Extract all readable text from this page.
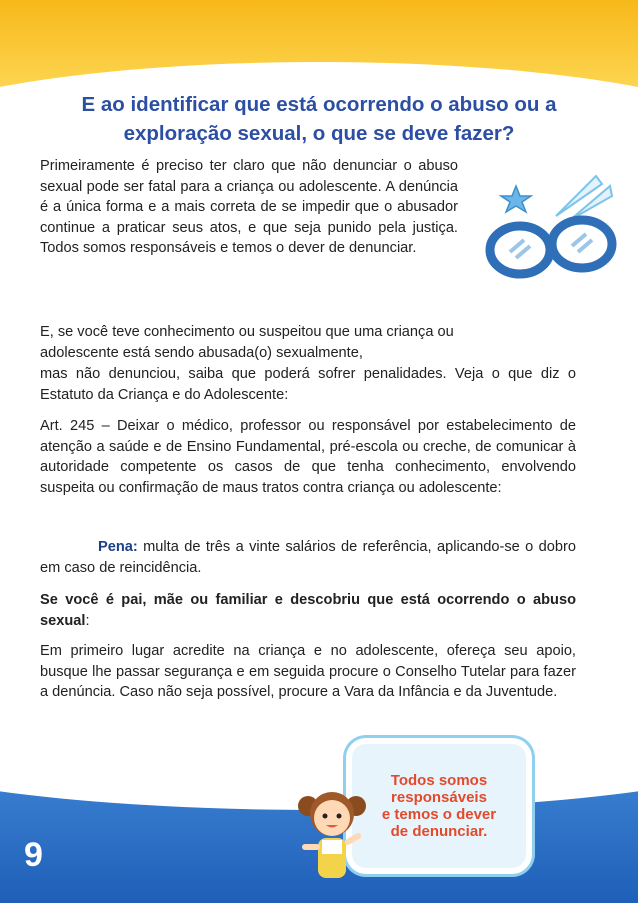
E ao identificar que está ocorrendo o abuso ou a
exploração sexual, o que se deve fazer?
Primeiramente é preciso ter claro que não denunciar o abuso sexual pode ser fatal para a criança ou adolescente. A denúncia é a única forma e a mais correta de se impedir que o abusador continue a praticar seus atos, e que seja punido pela justiça. Todos somos responsáveis e temos o dever de denunciar.
E, se você teve conhecimento ou suspeitou que uma criança ou adolescente está sendo abusada(o) sexualmente,
mas não denunciou, saiba que poderá sofrer penalidades. Veja o que diz o Estatuto da Criança e do Adolescente:
Art. 245 – Deixar o médico, professor ou responsável por estabelecimento de atenção a saúde e de Ensino Fundamental, pré-escola ou creche, de comunicar à autoridade competente os casos de que tenha conhecimento, envolvendo suspeita ou confirmação de maus tratos contra criança ou adolescente:
Pena: multa de três a vinte salários de referência, aplicando-se o dobro em caso de reincidência.
Se você é pai, mãe ou familiar e descobriu que está ocorrendo o abuso sexual:
Em primeiro lugar acredite na criança e no adolescente, ofereça seu apoio, busque lhe passar segurança e em seguida procure o Conselho Tutelar para fazer a denúncia. Caso não seja possível, procure a Vara da Infância e da Juventude.
9
Todos somos
responsáveis
e temos o dever
de denunciar.
